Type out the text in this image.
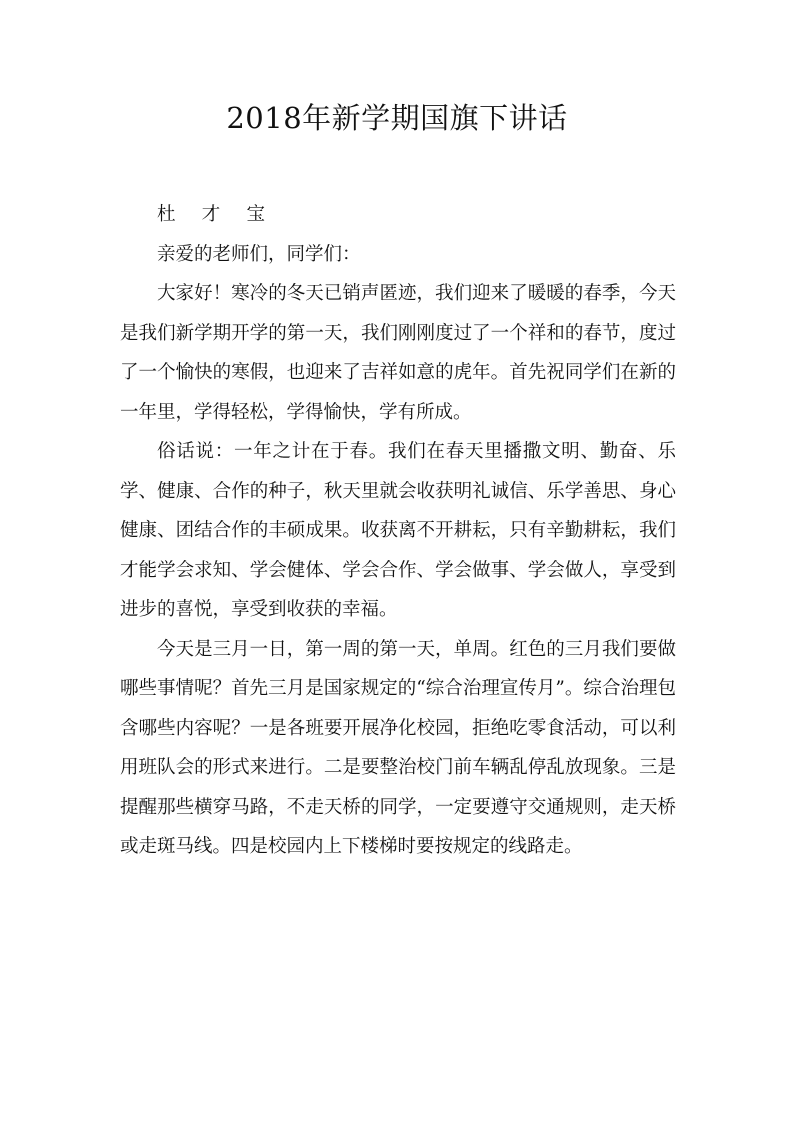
2018年新学期国旗下讲话

杜 才 宝

亲爱的老师们，同学们：

大家好！寒冷的冬天已销声匿迹，我们迎来了暖暖的春季，今天是我们新学期开学的第一天，我们刚刚度过了一个祥和的春节，度过了一个愉快的寒假，也迎来了吉祥如意的虎年。首先祝同学们在新的一年里，学得轻松，学得愉快，学有所成。

俗话说：一年之计在于春。我们在春天里播撒文明、勤奋、乐学、健康、合作的种子，秋天里就会收获明礼诚信、乐学善思、身心健康、团结合作的丰硕成果。收获离不开耕耘，只有辛勤耕耘，我们才能学会求知、学会健体、学会合作、学会做事、学会做人，享受到进步的喜悦，享受到收获的幸福。

今天是三月一日，第一周的第一天，单周。红色的三月我们要做哪些事情呢？首先三月是国家规定的“综合治理宣传月”。综合治理包含哪些内容呢？一是各班要开展净化校园，拒绝吃零食活动，可以利用班队会的形式来进行。二是要整治校门前车辆乱停乱放现象。三是提醒那些横穿马路，不走天桥的同学，一定要遵守交通规则，走天桥或走斑马线。四是校园内上下楼梯时要按规定的线路走。
